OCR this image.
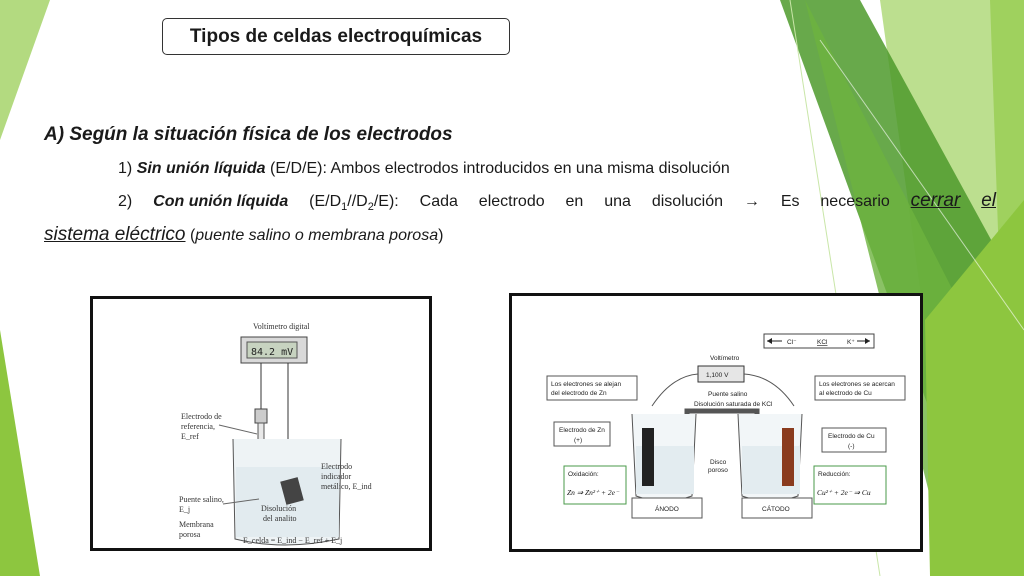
Tipos de celdas electroquímicas
A) Según la situación física de los electrodos
1) Sin unión líquida (E/D/E): Ambos electrodos introducidos en una misma disolución
2) Con unión líquida $(E/D_1//D_2/E)$: Cada electrodo en una disolución → Es necesario cerrar el
sistema eléctrico (puente salino o membrana porosa)
Voltímetro digital
84.2 mV
Electrodo de
referencia,
E_ref
Electrodo
indicador
metálico, E_ind
Puente salino,
E_j
Membrana
porosa
Disolución
del analito
E_celda = E_ind − E_ref + E_j
Cl⁻	KCl	K⁺
Voltímetro
1,100 V
Puente salino
Disolución saturada de KCl
Los electrones se alejan
del electrodo de Zn
Los electrones se acercan
al electrodo de Cu
Electrodo de Zn
(+)
Electrodo de Cu
(-)
Disco
poroso
Oxidación:
Zn ⇒ Zn²⁺ + 2e⁻
Reducción:
Cu²⁺ + 2e⁻ ⇒ Cu
ÁNODO	CÁTODO
